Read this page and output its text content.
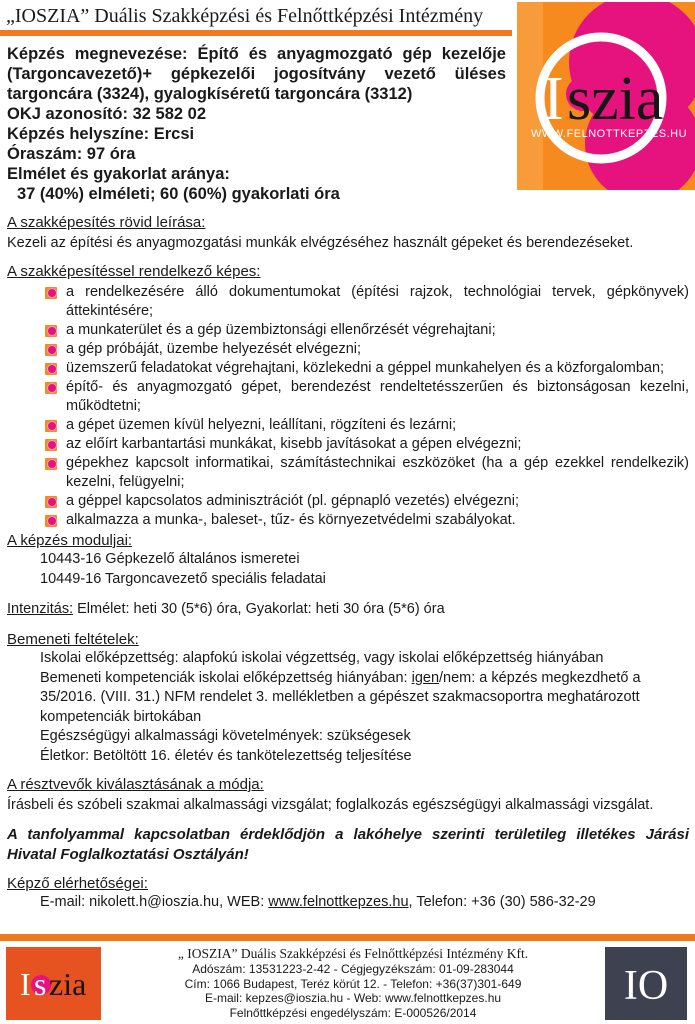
„IOSZIA” Duális Szakképzési és Felnőttképzési Intézmény

Képzés megnevezése: Építő és anyagmozgató gép kezelője (Targoncavezető)+ gépkezelői jogosítvány vezető üléses targoncára (3324), gyalogkíséretű targoncára (3312)

OKJ azonosító: 32 582 02

Képzés helyszíne: Ercsi

Óraszám: 97 óra

Elmélet és gyakorlat aránya:

37 (40%) elméleti; 60 (60%) gyakorlati óra

I szia
WWW.FELNOTTKEPZES.HU
A szakképesítés rövid leírása:

Kezeli az építési és anyagmozgatási munkák elvégzéséhez használt gépeket és berendezéseket.

A szakképesítéssel rendelkező képes:
a rendelkezésére álló dokumentumokat (építési rajzok, technológiai tervek, gépkönyvek) áttekintésére;
a munkaterület és a gép üzembiztonsági ellenőrzését végrehajtani;
a gép próbáját, üzembe helyezését elvégezni;
üzemszerű feladatokat végrehajtani, közlekedni a géppel munkahelyen és a közforgalomban;
építő- és anyagmozgató gépet, berendezést rendeltetésszerűen és biztonságosan kezelni, működtetni;
a gépet üzemen kívül helyezni, leállítani, rögzíteni és lezárni;
az előírt karbantartási munkákat, kisebb javításokat a gépen elvégezni;
gépekhez kapcsolt informatikai, számítástechnikai eszközöket (ha a gép ezekkel rendelkezik) kezelni, felügyelni;
a géppel kapcsolatos adminisztrációt (pl. gépnapló vezetés) elvégezni;
alkalmazza a munka-, baleset-, tűz- és környezetvédelmi szabályokat.
A képzés moduljai:

10443-16 Gépkezelő általános ismeretei

10449-16 Targoncavezető speciális feladatai

Intenzitás: Elmélet: heti 30 (5*6) óra, Gyakorlat: heti 30 óra (5*6) óra

Bemeneti feltételek:

Iskolai előképzettség: alapfokú iskolai végzettség, vagy iskolai előképzettség hiányában

Bemeneti kompetenciák iskolai előképzettség hiányában: igen/nem: a képzés megkezdhető a 35/2016. (VIII. 31.) NFM rendelet 3. mellékletben a gépészet szakmacsoportra meghatározott kompetenciák birtokában

Egészségügyi alkalmassági követelmények: szükségesek

Életkor: Betöltött 16. életév és tankötelezettség teljesítése

A résztvevők kiválasztásának a módja:

Írásbeli és szóbeli szakmai alkalmassági vizsgálat; foglalkozás egészségügyi alkalmassági vizsgálat.

A tanfolyammal kapcsolatban érdeklődjön a lakóhelye szerinti területileg illetékes Járási Hivatal Foglalkoztatási Osztályán!

Képző elérhetőségei:

E-mail: nikolett.h@ioszia.hu, WEB: www.felnottkepzes.hu, Telefon: +36 (30) 586-32-29

I s zia
„ IOSZIA” Duális Szakképzési és Felnőttképzési Intézmény Kft.
Adószám: 13531223-2-42 - Cégjegyzékszám: 01-09-283044
Cím: 1066 Budapest, Teréz körút 12. - Telefon: +36(37)301-649
E-mail: kepzes@ioszia.hu - Web: www.felnottkepzes.hu
Felnőttképzési engedélyszám: E-000526/2014
IO
